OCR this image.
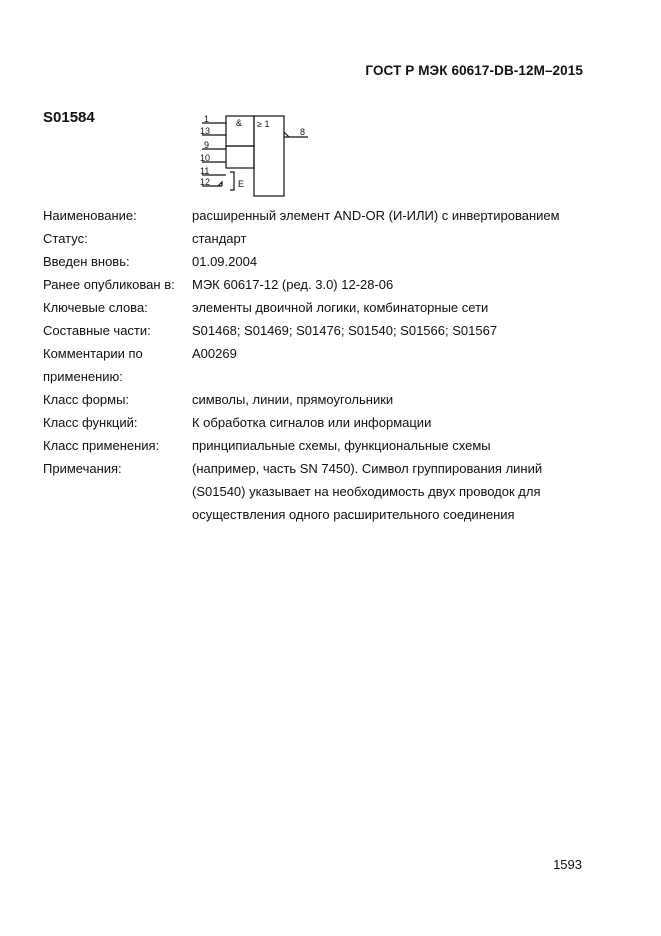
ГОСТ Р МЭК 60617-DB-12M–2015
S01584	& ≥ 1
E
1
13
9
10
11
12
8
Наименование:	расширенный элемент AND-OR (И-ИЛИ) с инвертированием
Статус:	стандарт
Введен вновь:	01.09.2004
Ранее опубликован в:	МЭК 60617-12 (ред. 3.0) 12-28-06
Ключевые слова:	элементы двоичной логики, комбинаторные сети
Составные части:	S01468; S01469; S01476; S01540; S01566; S01567
Комментарии по применению:
A00269
Класс формы:	символы, линии, прямоугольники
Класс функций:	К обработка сигналов или информации
Класс применения:	принципиальные схемы, функциональные схемы
Примечания:	(например, часть SN 7450). Символ группирования линий
(S01540) указывает на необходимость двух проводок для
осуществления одного расширительного соединения
1593
